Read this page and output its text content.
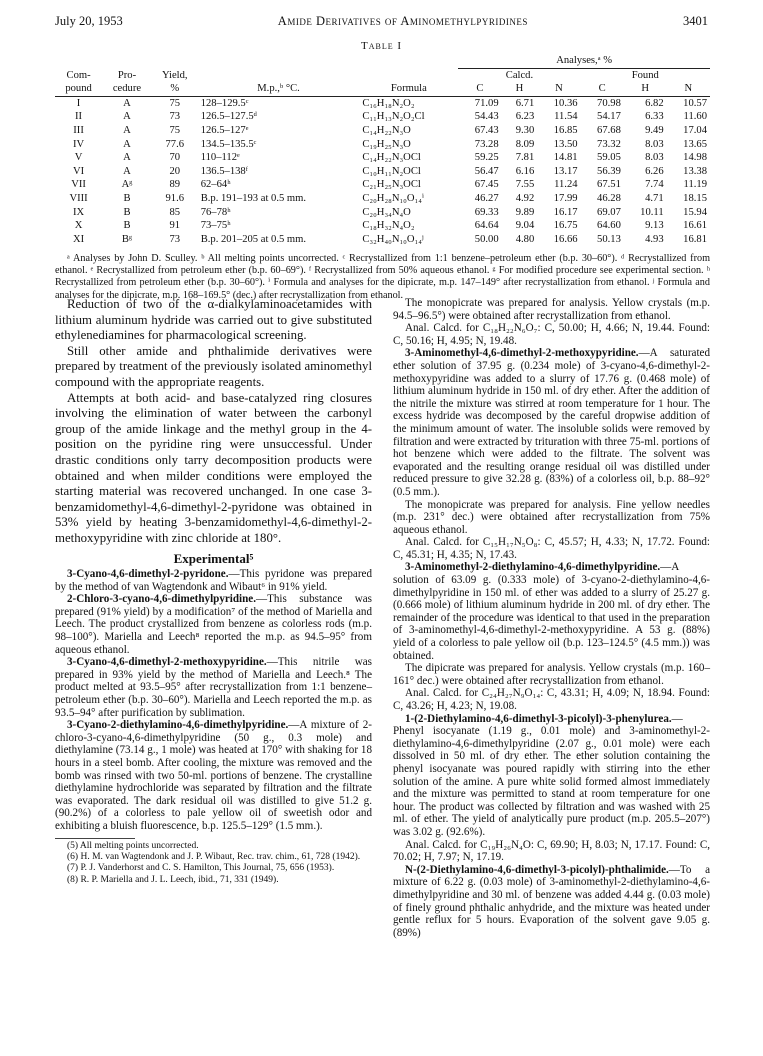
July 20, 1953	Amide Derivatives of Aminomethylpyridines	3401
Table I
					Analyses,ᵃ %					
Com-
pound	Pro-
cedure	Yield,
%	M.p.,ᵇ °C.	Formula	Calcd.			Found		
					C	H	N	C	H	N
I	A	75	128–129.5ᶜ	C₁₆H₁₈N₂O₂	71.09	6.71	10.36	70.98	6.82	10.57
II	A	73	126.5–127.5ᵈ	C₁₁H₁₃N₂O₂Cl	54.43	6.23	11.54	54.17	6.33	11.60
III	A	75	126.5–127ᵉ	C₁₄H₂₂N₃O	67.43	9.30	16.85	67.68	9.49	17.04
IV	A	77.6	134.5–135.5ᶜ	C₁₉H₂₅N₃O	73.28	8.09	13.50	73.32	8.03	13.65
V	A	70	110–112ᵉ	C₁₄H₂₂N₃OCl	59.25	7.81	14.81	59.05	8.03	14.98
VI	A	20	136.5–138ᶠ	C₁₀H₁₁N₂OCl	56.47	6.16	13.17	56.39	6.26	13.38
VII	Aᵍ	89	62–64ʰ	C₂₁H₂₅N₃OCl	67.45	7.55	11.24	67.51	7.74	11.19
VIII	B	91.6	B.p. 191–193 at 0.5 mm.	C₂₀H₂₈N₁₀O₁₄ⁱ	46.27	4.92	17.99	46.28	4.71	18.15
IX	B	85	76–78ʰ	C₂₀H₃₄N₄O	69.33	9.89	16.17	69.07	10.11	15.94
X	B	91	73–75ʰ	C₁₈H₃₂N₄O₂	64.64	9.04	16.75	64.60	9.13	16.61
XI	Bᵍ	73	B.p. 201–205 at 0.5 mm.	C₃₂H₄₀N₁₀O₁₄ʲ	50.00	4.80	16.66	50.13	4.93	16.81

ᵃ Analyses by John D. Sculley. ᵇ All melting points uncorrected. ᶜ Recrystallized from 1:1 benzene–petroleum ether (b.p. 30–60°). ᵈ Recrystallized from ethanol. ᵉ Recrystallized from petroleum ether (b.p. 60–69°). ᶠ Recrystallized from 50% aqueous ethanol. ᵍ For modified procedure see experimental section. ʰ Recrystallized from petroleum ether (b.p. 30–60°). ⁱ Formula and analyses for the dipicrate, m.p. 147–149° after recrystallization from ethanol. ʲ Formula and analyses for the dipicrate, m.p. 168–169.5° (dec.) after recrystallization from ethanol.

Reduction of two of the α-dialkylaminoacetamides with lithium aluminum hydride was carried out to give substituted ethylenediamines for pharmacological screening.

Still other amide and phthalimide derivatives were prepared by treatment of the previously isolated aminomethyl compound with the appropriate reagents.

Attempts at both acid- and base-catalyzed ring closures involving the elimination of water between the carbonyl group of the amide linkage and the methyl group in the 4-position on the pyridine ring were unsuccessful. Under drastic conditions only tarry decomposition products were obtained and when milder conditions were employed the starting material was recovered unchanged. In one case 3-benzamidomethyl-4,6-dimethyl-2-pyridone was obtained in 53% yield by heating 3-benzamidomethyl-4,6-dimethyl-2-methoxypyridine with zinc chloride at 180°.

Experimental⁵

3-Cyano-4,6-dimethyl-2-pyridone.—This pyridone was prepared by the method of van Wagtendonk and Wibaut⁶ in 91% yield.

2-Chloro-3-cyano-4,6-dimethylpyridine.—This substance was prepared (91% yield) by a modification⁷ of the method of Mariella and Leech. The product crystallized from benzene as colorless rods (m.p. 98–100°). Mariella and Leech⁸ reported the m.p. as 94.5–95° from aqueous ethanol.

3-Cyano-4,6-dimethyl-2-methoxypyridine.—This nitrile was prepared in 93% yield by the method of Mariella and Leech.⁸ The product melted at 93.5–95° after recrystallization from 1:1 benzene–petroleum ether (b.p. 30–60°). Mariella and Leech reported the m.p. as 93.5–94° after purification by sublimation.

3-Cyano-2-diethylamino-4,6-dimethylpyridine.—A mixture of 2-chloro-3-cyano-4,6-dimethylpyridine (50 g., 0.3 mole) and diethylamine (73.14 g., 1 mole) was heated at 170° with shaking for 18 hours in a steel bomb. After cooling, the mixture was removed and the bomb was rinsed with two 50-ml. portions of benzene. The crystalline diethylamine hydrochloride was separated by filtration and the filtrate was evaporated. The dark residual oil was distilled to give 51.2 g. (90.2%) of a colorless to pale yellow oil of sweetish odor and exhibiting a bluish fluorescence, b.p. 125.5–129° (1.5 mm.).

(5) All melting points uncorrected.

(6) H. M. van Wagtendonk and J. P. Wibaut, Rec. trav. chim., 61, 728 (1942).

(7) P. J. Vanderhorst and C. S. Hamilton, This Journal, 75, 656 (1953).

(8) R. P. Mariella and J. L. Leech, ibid., 71, 331 (1949).

The monopicrate was prepared for analysis. Yellow crystals (m.p. 94.5–96.5°) were obtained after recrystallization from ethanol.

Anal. Calcd. for C₁₈H₂₂N₆O₇: C, 50.00; H, 4.66; N, 19.44. Found: C, 50.16; H, 4.95; N, 19.48.

3-Aminomethyl-4,6-dimethyl-2-methoxypyridine.—A saturated ether solution of 37.95 g. (0.234 mole) of 3-cyano-4,6-dimethyl-2-methoxypyridine was added to a slurry of 17.76 g. (0.468 mole) of lithium aluminum hydride in 150 ml. of dry ether. After the addition of the nitrile the mixture was stirred at room temperature for 1 hour. The excess hydride was decomposed by the careful dropwise addition of the minimum amount of water. The insoluble solids were removed by filtration and were extracted by trituration with three 75-ml. portions of hot benzene which were added to the filtrate. The solvent was evaporated and the resulting orange residual oil was distilled under reduced pressure to give 32.28 g. (83%) of a colorless oil, b.p. 88–92° (0.5 mm.).

The monopicrate was prepared for analysis. Fine yellow needles (m.p. 231° dec.) were obtained after recrystallization from 75% aqueous ethanol.

Anal. Calcd. for C₁₅H₁₇N₅O₈: C, 45.57; H, 4.33; N, 17.72. Found: C, 45.31; H, 4.35; N, 17.43.

3-Aminomethyl-2-diethylamino-4,6-dimethylpyridine.—A solution of 63.09 g. (0.333 mole) of 3-cyano-2-diethylamino-4,6-dimethylpyridine in 150 ml. of ether was added to a slurry of 25.27 g. (0.666 mole) of lithium aluminum hydride in 200 ml. of dry ether. The remainder of the procedure was identical to that used in the preparation of 3-aminomethyl-4,6-dimethyl-2-methoxypyridine. A 53 g. (88%) yield of a colorless to pale yellow oil (b.p. 123–124.5° (4.5 mm.)) was obtained.

The dipicrate was prepared for analysis. Yellow crystals (m.p. 160–161° dec.) were obtained after recrystallization from ethanol.

Anal. Calcd. for C₂₄H₂₇N₉O₁₄: C, 43.31; H, 4.09; N, 18.94. Found: C, 43.26; H, 4.23; N, 19.08.

1-(2-Diethylamino-4,6-dimethyl-3-picolyl)-3-phenylurea.—Phenyl isocyanate (1.19 g., 0.01 mole) and 3-aminomethyl-2-diethylamino-4,6-dimethylpyridine (2.07 g., 0.01 mole) were each dissolved in 50 ml. of dry ether. The ether solution containing the phenyl isocyanate was poured rapidly with stirring into the ether solution of the amine. A pure white solid formed almost immediately and the mixture was permitted to stand at room temperature for one hour. The product was collected by filtration and was washed with 25 ml. of ether. The yield of analytically pure product (m.p. 205.5–207°) was 3.02 g. (92.6%).

Anal. Calcd. for C₁₉H₂₆N₄O: C, 69.90; H, 8.03; N, 17.17. Found: C, 70.02; H, 7.97; N, 17.19.

N-(2-Diethylamino-4,6-dimethyl-3-picolyl)-phthalimide.—To a mixture of 6.22 g. (0.03 mole) of 3-aminomethyl-2-diethylamino-4,6-dimethylpyridine and 30 ml. of benzene was added 4.44 g. (0.03 mole) of finely ground phthalic anhydride, and the mixture was heated under gentle reflux for 5 hours. Evaporation of the solvent gave 9.05 g. (89%)
